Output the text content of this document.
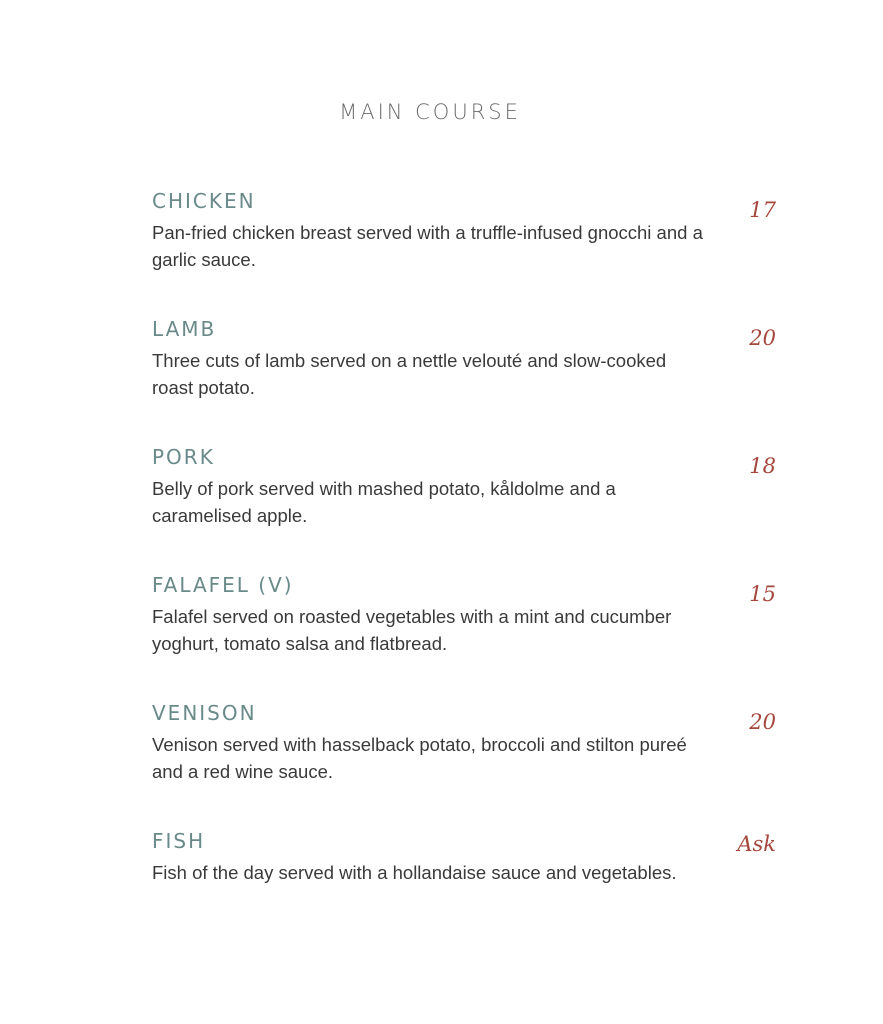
MAIN COURSE
CHICKEN
Pan-fried chicken breast served with a truffle-infused gnocchi and a garlic sauce.
17
LAMB
Three cuts of lamb served on a nettle velouté and slow-cooked roast potato.
20
PORK
Belly of pork served with mashed potato, kåldolme and a caramelised apple.
18
FALAFEL (V)
Falafel served on roasted vegetables with a mint and cucumber yoghurt, tomato salsa and flatbread.
15
VENISON
Venison served with hasselback potato, broccoli and stilton pureé and a red wine sauce.
20
FISH
Fish of the day served with a hollandaise sauce and vegetables.
Ask
